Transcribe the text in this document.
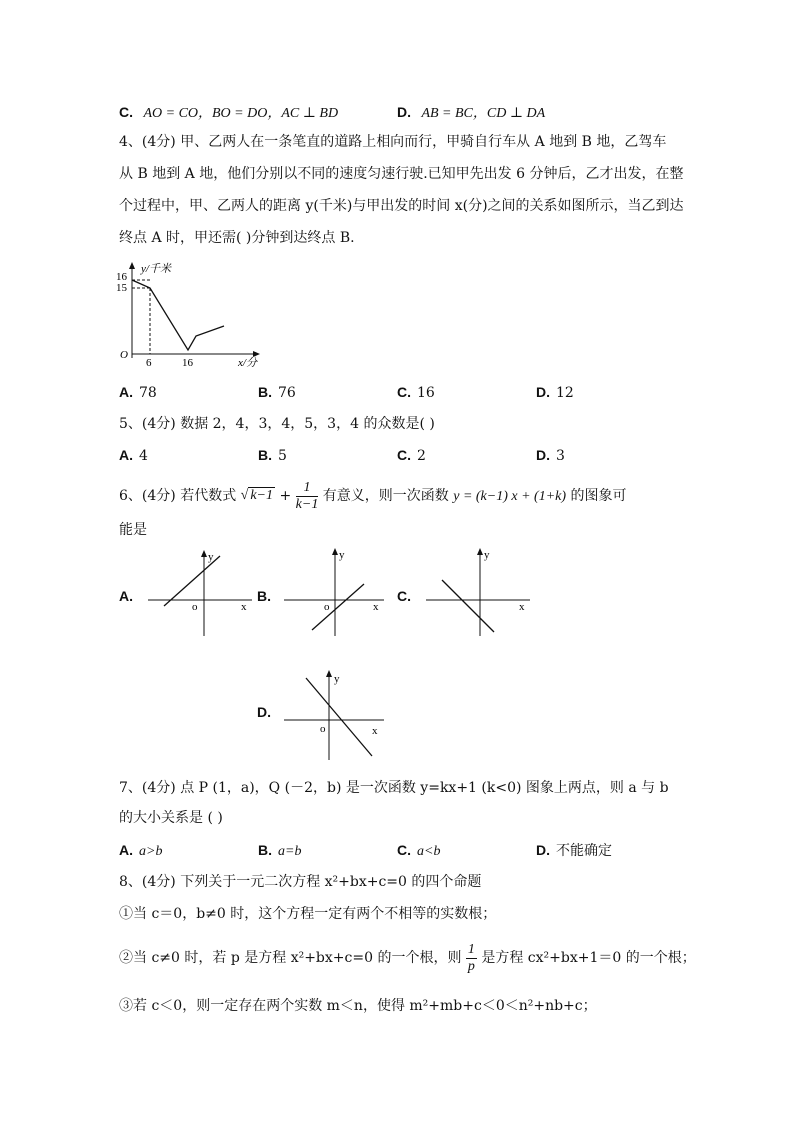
C. AO = CO，BO = DO，AC ⊥ BD	D. AB = BC，CD ⊥ DA
4、(4分) 甲、乙两人在一条笔直的道路上相向而行，甲骑自行车从 A 地到 B 地，乙驾车
从 B 地到 A 地，他们分别以不同的速度匀速行驶.已知甲先出发 6 分钟后，乙才出发，在整
个过程中，甲、乙两人的距离 y(千米)与甲出发的时间 x(分)之间的关系如图所示，当乙到达
终点 A 时，甲还需( )分钟到达终点 B.
y/千米
16
15
O
6	16	x/分
A. 78	B. 76	C. 16	D. 12
5、(4分) 数据 2，4，3，4，5，3，4 的众数是( )
A. 4	B. 5	C. 2	D. 3
6、(4分) 若代数式 √ $k-1 + \frac{1}{k-1}$ 有意义，则一次函数 y = (k−1) x + (1+k) 的图象可
能是
A.
y
x
o
B.
y
x
o
C.
y
x
D.
y
x
o
7、(4分) 点 P (1，a)，Q (－2，b) 是一次函数 y=kx+1 (k<0) 图象上两点，则 a 与 b
的大小关系是 ( )
A. a>b	B. a=b	C. a<b	D. 不能确定
8、(4分) 下列关于一元二次方程 x²+bx+c=0 的四个命题
①当 c＝0，b≠0 时，这个方程一定有两个不相等的实数根；
②当 c≠0 时，若 p 是方程 x²+bx+c=0 的一个根，则 $\frac{1}{p}$ 是方程 cx²+bx+1＝0 的一个根；
③若 c＜0，则一定存在两个实数 m＜n，使得 m²+mb+c＜0＜n²+nb+c；
